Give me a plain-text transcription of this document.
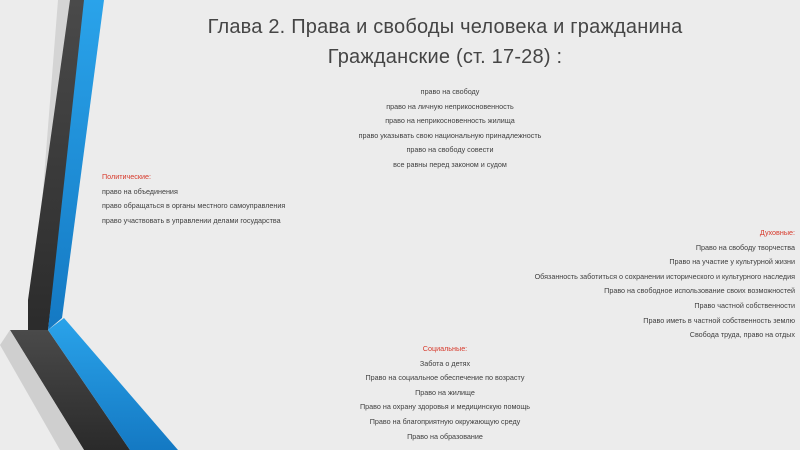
Глава 2. Права и свободы человека и гражданина
Гражданские (ст. 17-28) :
право на свободу
право на личную неприкосновенность
право на неприкосновенность жилища
право указывать свою национальную принадлежность
право на свободу совести
все равны перед законом и судом
Политические:
право на объединения
право обращаться в органы местного самоуправления
право участвовать в управлении делами государства
Духовные:
Право на свободу творчества
Право на участие у культурной жизни
Обязанность заботиться о сохранении исторического и культурного наследия
Право на свободное использование своих возможностей
Право частной собственности
Право иметь в частной собственность землю
Свобода труда, право на отдых
Социальные:
Забота о детях
Право на социальное обеспечение по возрасту
Право на жилище
Право на охрану здоровья и медицинскую помощь
Право на благоприятную окружающую среду
Право на образование
